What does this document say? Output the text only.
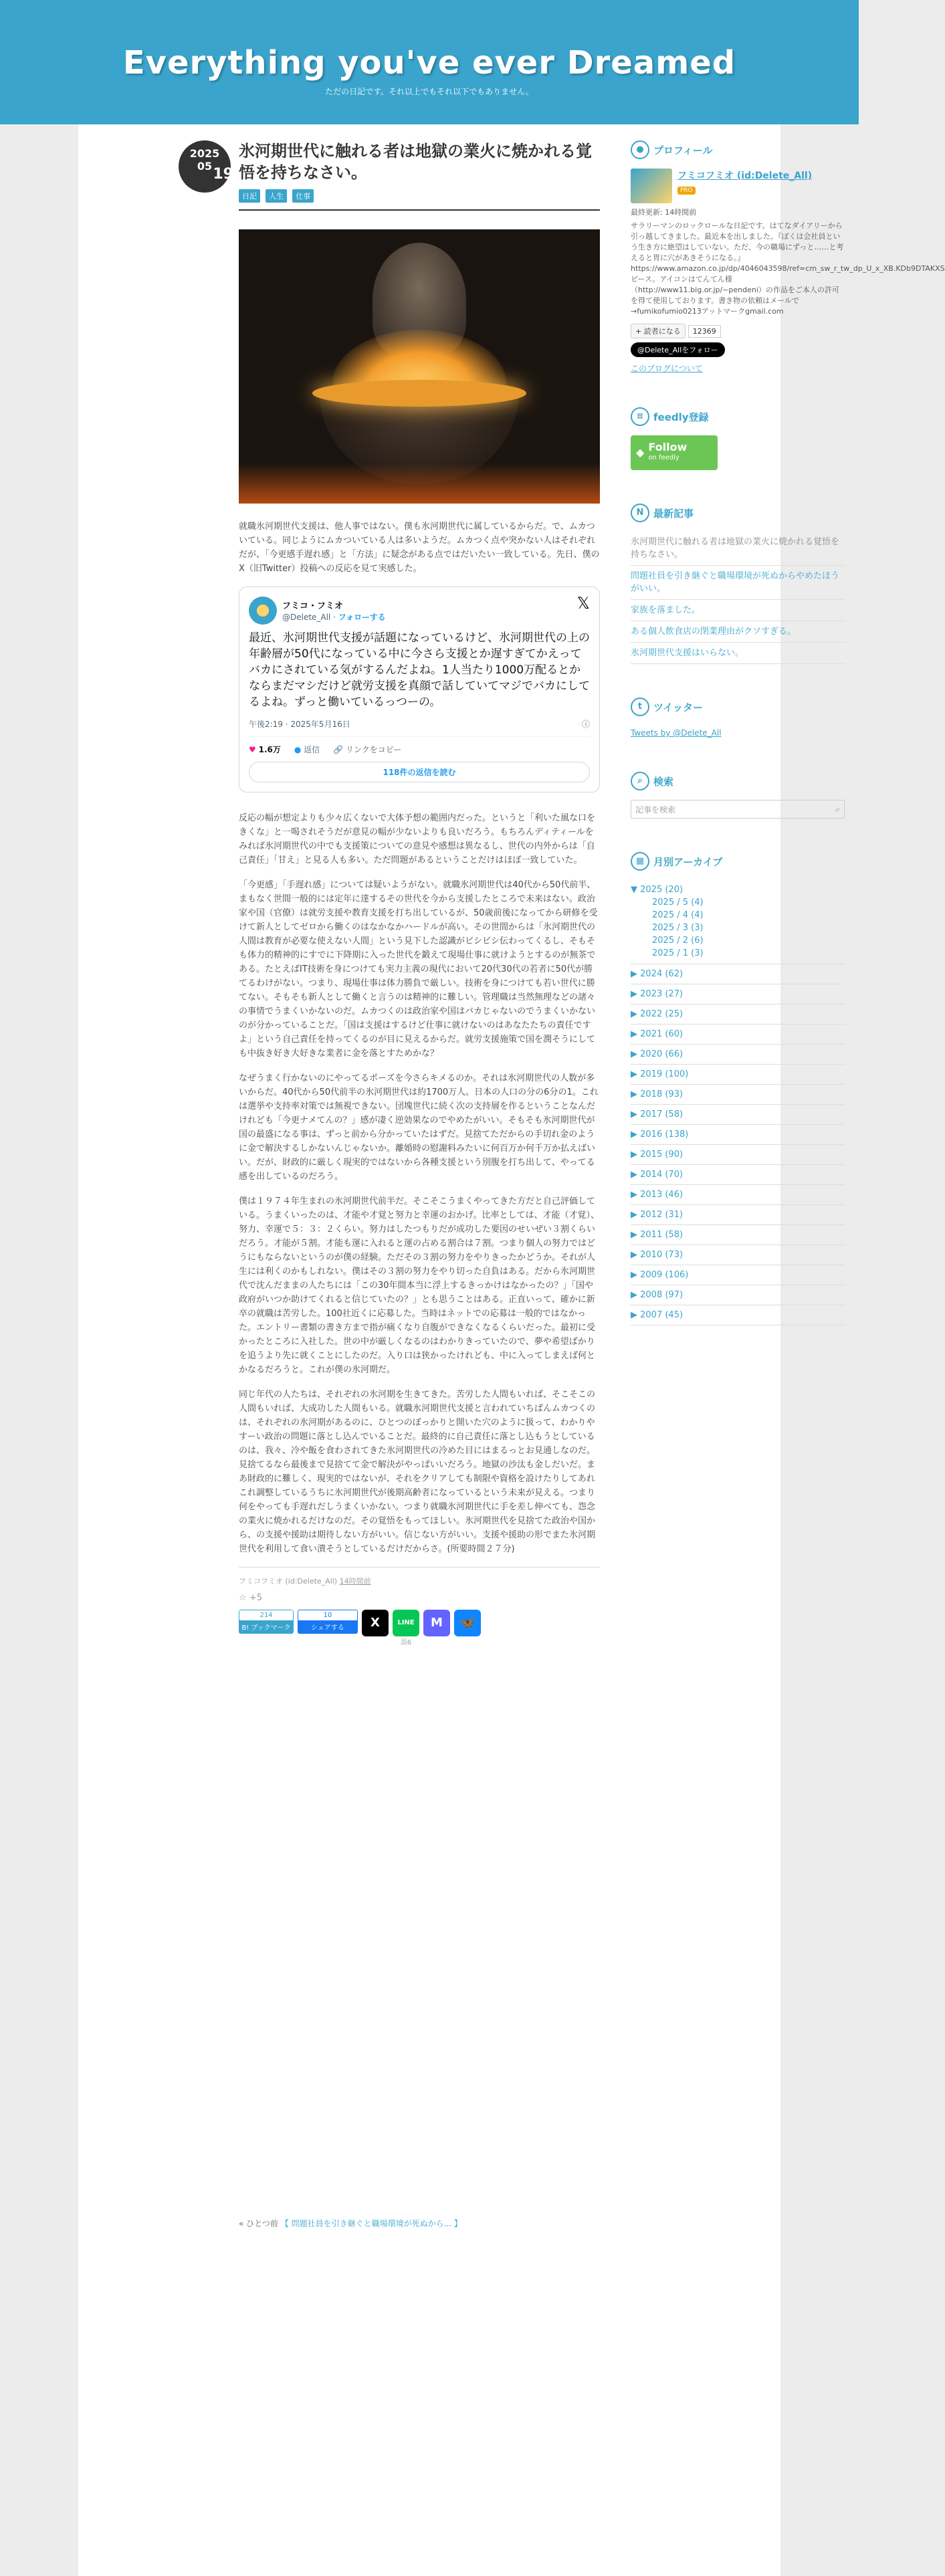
Everything you've ever Dreamed
ただの日記です。それ以上でもそれ以下でもありません。
2025
05 19
氷河期世代に触れる者は地獄の業火に焼かれる覚悟を持ちなさい。
日記 人生 仕事

就職氷河期世代支援は、他人事ではない。僕も氷河期世代に属しているからだ。で、ムカついている。同じようにムカついている人は多いようだ。ムカつく点や突かない人はそれぞれだが、「今更感手遅れ感」と「方法」に疑念がある点ではだいたい一致している。先日、僕のX（旧Twitter）投稿への反応を見て実感した。

𝕏
フミコ・フミオ
@Delete_All · フォローする
最近、氷河期世代支援が話題になっているけど、氷河期世代の上の年齢層が50代になっている中に今さら支援とか遅すぎてかえってバカにされている気がするんだよね。1人当たり1000万配るとかならまだマシだけど就労支援を真顔で話していてマジでバカにしてるよね。ずっと働いているっつーの。
午後2:19 · 2025年5月16日	ⓘ
♥ 1.6万 ● 返信 🔗 リンクをコピー
118件の返信を読む

反応の幅が想定よりも少々広くないで大体予想の範囲内だった。というと「利いた風な口をきくな」と一喝されそうだが意見の幅が少ないよりも良いだろう。もちろんディティールをみれば氷河期世代の中でも支援策についての意見や感想は異なるし、世代の内外からは「自己責任」「甘え」と見る人も多い。ただ問題があるということだけはほぼ一致していた。

「今更感」「手遅れ感」については疑いようがない。就職氷河期世代は40代から50代前半、まもなく世間一般的には定年に達するその世代を今から支援したところで未来はない。政治家や国（官僚）は就労支援や教育支援を打ち出しているが、50歳前後になってから研修を受けて新人としてゼロから働くのはなかなかハードルが高い。その世間からは「氷河期世代の人間は教育が必要な使えない人間」という見下した認識がビシビシ伝わってくるし、そもそも体力的精神的にすでに下降期に入った世代を鍛えて現場仕事に就けようとするのが無茶である。たとえばIT技術を身につけても実力主義の現代において20代30代の若者に50代が勝てるわけがない。つまり、現場仕事は体力勝負で厳しい。技術を身につけても若い世代に勝てない。そもそも新人として働くと言うのは精神的に難しい。管理職は当然無理などの諸々の事情でうまくいかないのだ。ムカつくのは政治家や国はバカじゃないのでうまくいかないのが分かっていることだ。「国は支援はするけど仕事に就けないのはあなたたちの責任ですよ」という自己責任を持ってくるのが目に見えるからだ。就労支援施策で国を潤そうにしても中抜き好き大好きな業者に金を落とすためかな？

なぜうまく行かないのにやってるポーズを今さらキメるのか。それは氷河期世代の人数が多いからだ。40代から50代前半の氷河期世代は約1700万人。日本の人口の分の6分の1。これは選挙や支持率対策では無視できない。団塊世代に続く次の支持層を作るということなんだけれども「今更ナメてんの？」感が凄く逆効果なのでやめたがいい。そもそも氷河期世代が国の最盛になる事は、ずっと前から分かっていたはずだ。見捨てただからの手切れ金のように金で解決するしかないんじゃないか。離婚時の慰謝料みたいに何百万か何千万か払えばいい。だが、財政的に厳しく現実的ではないから各種支援という別腹を打ち出して、やってる感を出しているのだろう。

僕は１９７４年生まれの氷河期世代前半だ。そこそこうまくやってきた方だと自己評価している。うまくいったのは、才能や才覚と努力と幸運のおかげ。比率としては、才能（才覚）、努力、幸運で５：３：２くらい。努力はしたつもりだが成功した要因のせいぜい３割くらいだろう。才能が５割。才能も運に入れると運の占める割合は７割。つまり個人の努力ではどうにもならないというのが僕の経験。ただその３割の努力をやりきったかどうか。それが人生には利くのかもしれない。僕はその３割の努力をやり切った自負はある。だから氷河期世代で沈んだままの人たちには「この30年間本当に浮上するきっかけはなかったの？」「国や政府がいつか助けてくれると信じていたの？」とも思うことはある。正直いって、確かに新卒の就職は苦労した。100社近くに応募した。当時はネットでの応募は一般的ではなかった。エントリー書類の書き方まで指が痛くなり自腹ができなくなるくらいだった。最初に受かったところに入社した。世の中が厳しくなるのはわかりきっていたので、夢や希望ばかりを追うより先に就くことにしたのだ。入り口は狭かったけれども、中に入ってしまえば何とかなるだろうと。これが僕の氷河期だ。

同じ年代の人たちは、それぞれの氷河期を生きてきた。苦労した人間もいれば、そこそこの人間もいれば、大成功した人間もいる。就職氷河期世代支援と言われていちばんムカつくのは、それぞれの氷河期があるのに、ひとつのぼっかりと開いた穴のように扱って、わかりやすーい政治の問題に落とし込んでいることだ。最終的に自己責任に落とし込もうとしているのは、我々、冷や飯を食わされてきた氷河期世代の冷めた目にはまるっとお見通しなのだ。見捨てるなら最後まで見捨てて金で解決がやっぱいいだろう。地獄の沙汰も金しだいだ。まあ財政的に難しく、現実的ではないが、それをクリアしても制限や資格を設けたりしてあれこれ調整しているうちに氷河期世代が後期高齢者になっているという未来が見える。つまり何をやっても手遅れだしうまくいかない。つまり就職氷河期世代に手を差し伸べても、怨念の業火に焼かれるだけなのだ。その覚悟をもってほしい。氷河期世代を見捨てた政治や国から、の支援や援助は期待しない方がいい。信じない方がいい。支援や援助の形でまた氷河期世代を利用して食い潰そうとしているだけだからさ。(所要時間２７分)

フミコフミオ (id:Delete_All) 14時間前
☆ +5
214
B! ブックマーク
10
シェアする	X	LINE
誤6
M	🦋
« ひとつ前 【 問題社員を引き継ぐと職場環境が死ぬから... 】
● プロフィール
フミコフミオ (id:Delete_All)
PRO
最終更新: 14時間前
サラリーマンのロックロールな日記です。はてなダイアリーから引っ越してきました。最近本を出しました。『ぼくは会社員という生き方に絶望はしていない。ただ、今の職場にずっと……と考えると胃に穴があきそうになる。』https://www.amazon.co.jp/dp/4046043598/ref=cm_sw_r_tw_dp_U_x_XB.KDb9DTAKXS ピース。アイコンはてんてん様（http://www11.big.or.jp/~pendeni）の作品をご本人の許可を得て使用しております。書き物の依頼はメールで→fumikofumio0213アットマークgmail.com
+ 読者になる	12369
@Delete_Allをフォロー
このブログについて
≡ feedly登録
◆ Follow
on feedly
N 最新記事
氷河期世代に触れる者は地獄の業火に焼かれる覚悟を持ちなさい。
問題社員を引き継ぐと職場環境が死ぬからやめたほうがいい。
家族を落ました。
ある個人飲食店の閉業理由がクソすぎる。
氷河期世代支援はいらない。
t	ツイッター
Tweets by @Delete_All
⌕	検索
記事を検索	⌕
▦ 月別アーカイブ
▼ 2025 (20)
2025 / 5 (4)
2025 / 4 (4)
2025 / 3 (3)
2025 / 2 (6)
2025 / 1 (3)
▶ 2024 (62)
▶ 2023 (27)
▶ 2022 (25)
▶ 2021 (60)
▶ 2020 (66)
▶ 2019 (100)
▶ 2018 (93)
▶ 2017 (58)
▶ 2016 (138)
▶ 2015 (90)
▶ 2014 (70)
▶ 2013 (46)
▶ 2012 (31)
▶ 2011 (58)
▶ 2010 (73)
▶ 2009 (106)
▶ 2008 (97)
▶ 2007 (45)
